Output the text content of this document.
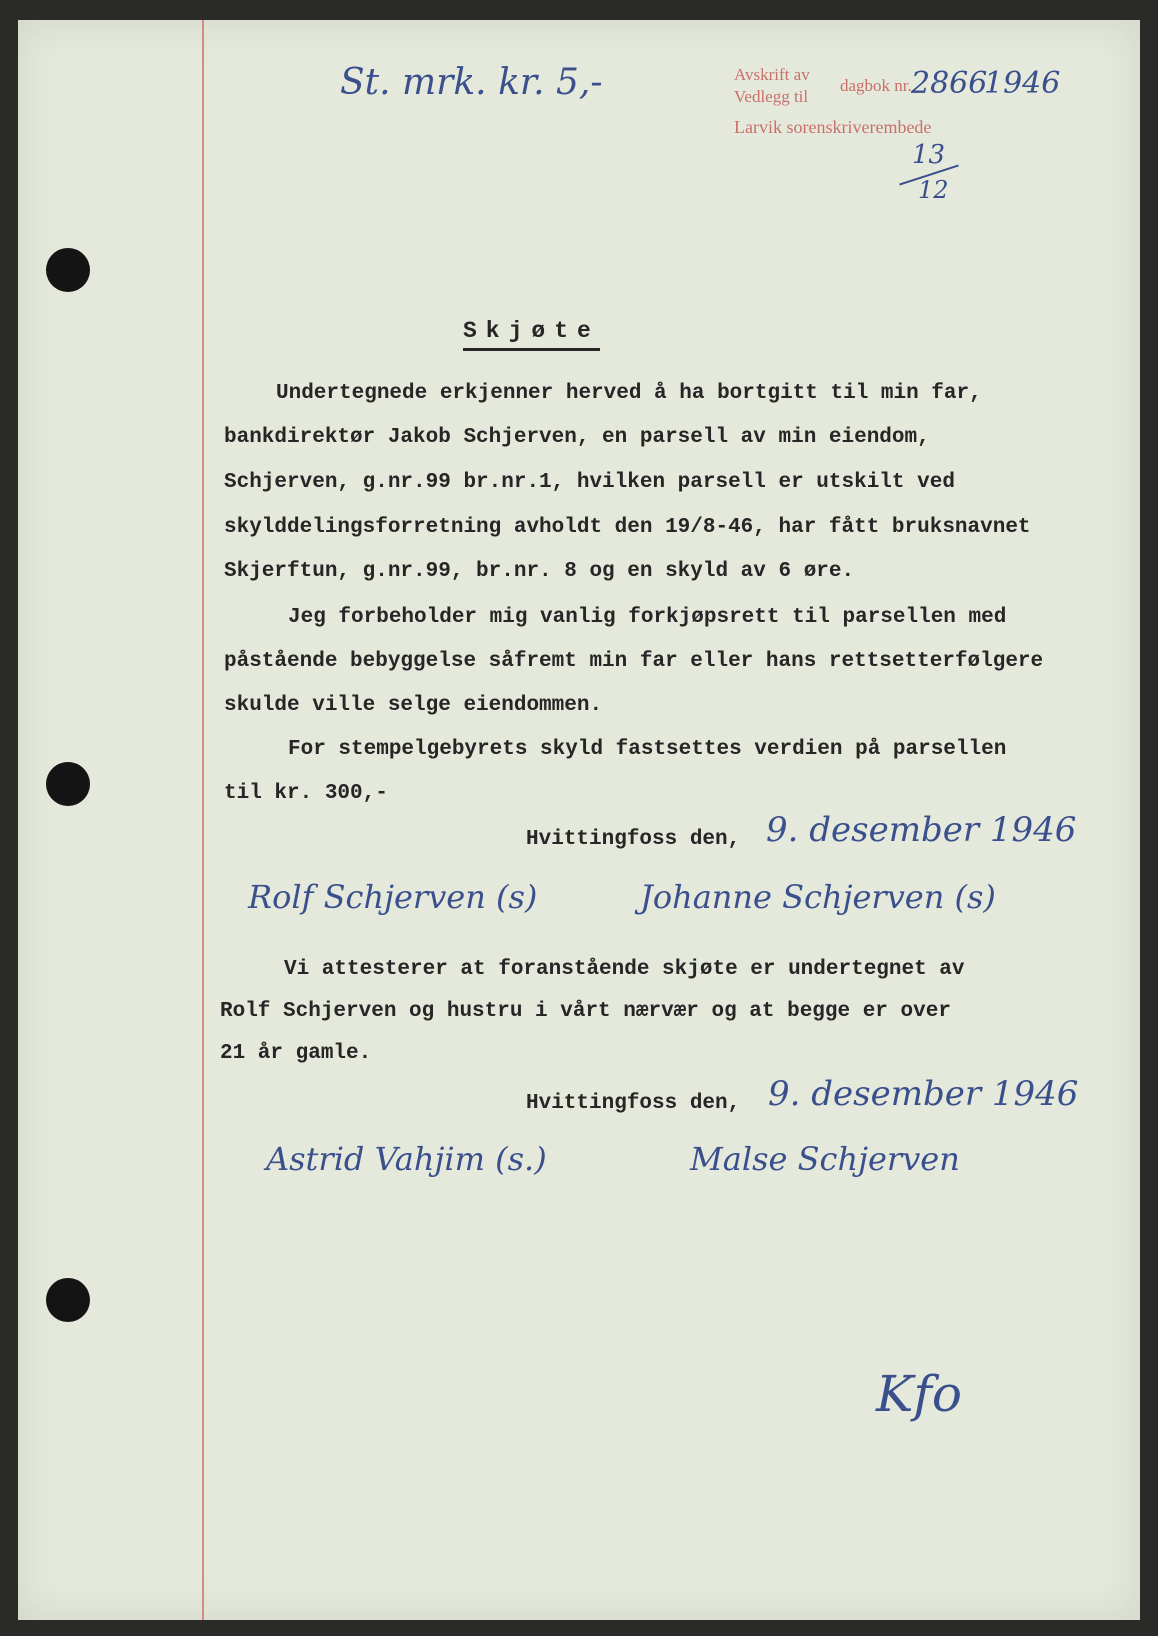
St. mrk. kr. 5,-	Avskrift av
Vedlegg til
dagbok nr. 2866
1946
Larvik sorenskriverembede
13
12
Skjøte
Undertegnede erkjenner herved å ha bortgitt til min far,
bankdirektør Jakob Schjerven, en parsell av min eiendom,
Schjerven, g.nr.99 br.nr.1, hvilken parsell er utskilt ved
skylddelingsforretning avholdt den 19/8-46, har fått bruksnavnet
Skjerftun, g.nr.99, br.nr. 8 og en skyld av 6 øre.
Jeg forbeholder mig vanlig forkjøpsrett til parsellen med
påstående bebyggelse såfremt min far eller hans rettsetterfølgere
skulde ville selge eiendommen.
For stempelgebyrets skyld fastsettes verdien på parsellen
til kr. 300,-
Hvittingfoss den, 9. desember 1946
Rolf Schjerven (s)	Johanne Schjerven (s)
Vi attesterer at foranstående skjøte er undertegnet av
Rolf Schjerven og hustru i vårt nærvær og at begge er over
21 år gamle.
Hvittingfoss den, 9. desember 1946
Astrid Vahjim (s.)	Malse Schjerven
Kfo
